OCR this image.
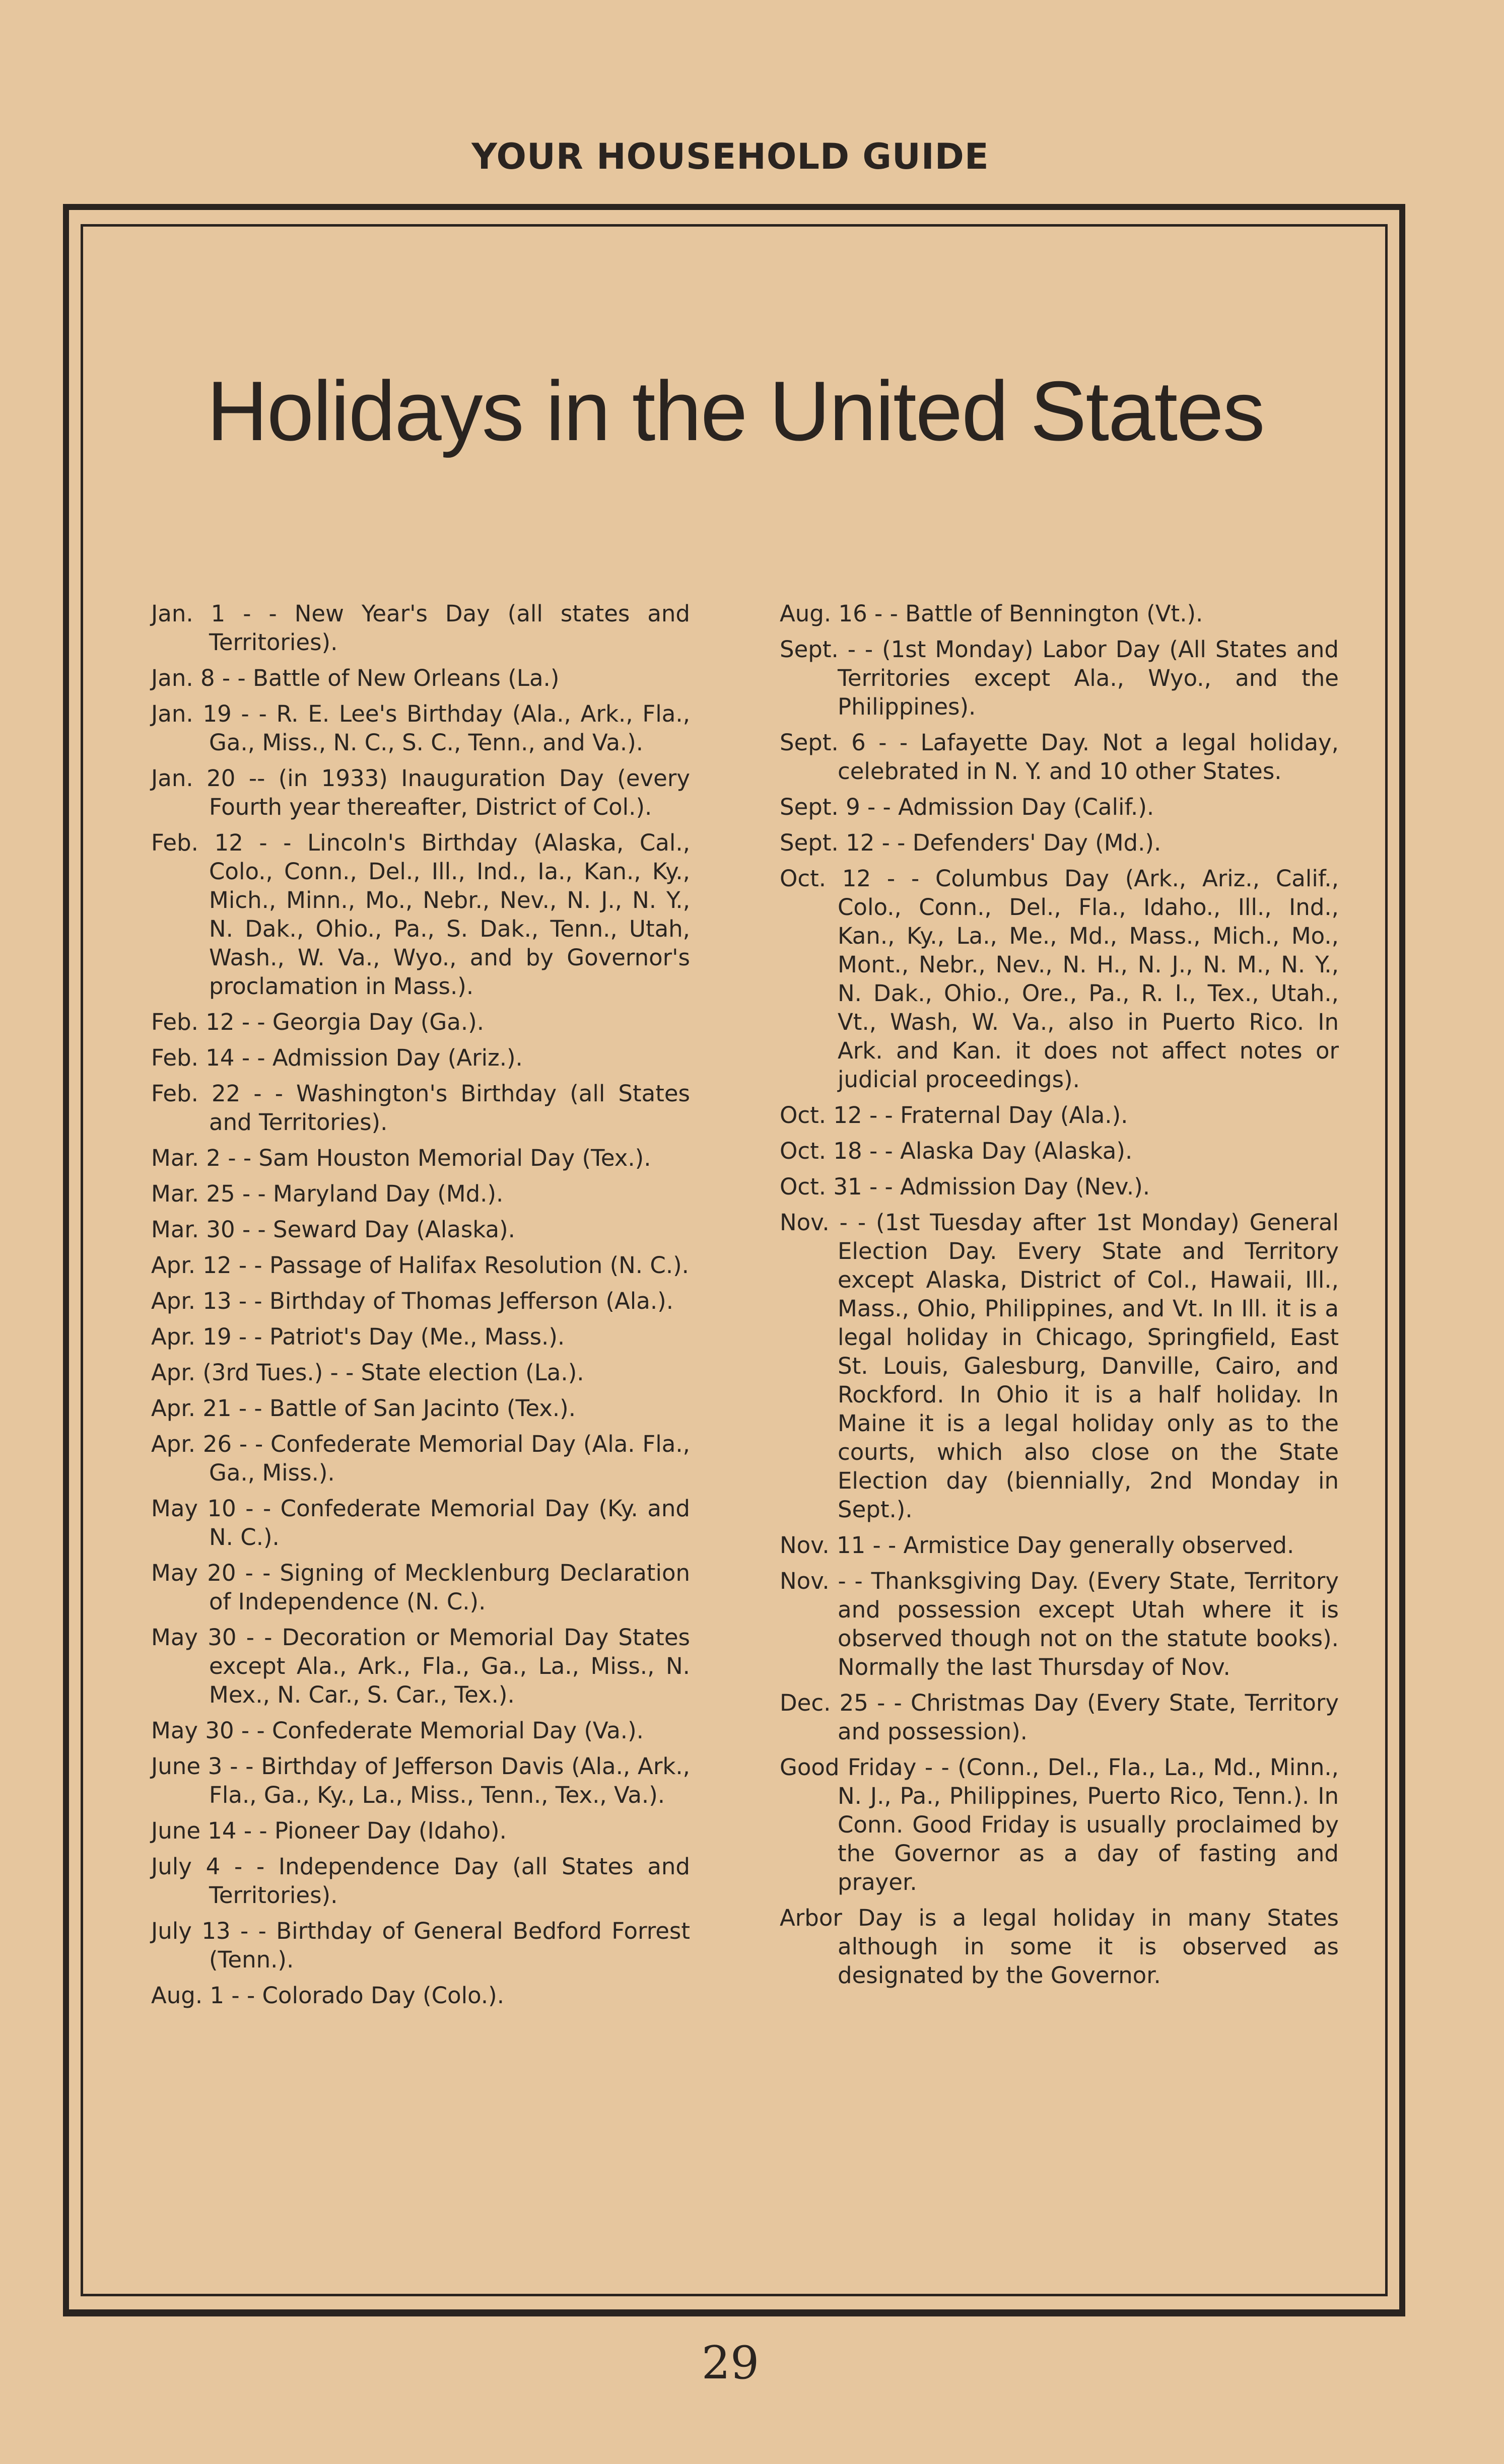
YOUR HOUSEHOLD GUIDE
Holidays in the United States
Jan. 1 - - New Year's Day (all states and Territories).
Jan. 8 - - Battle of New Orleans (La.)
Jan. 19 - - R. E. Lee's Birthday (Ala., Ark., Fla., Ga., Miss., N. C., S. C., Tenn., and Va.).
Jan. 20 -- (in 1933) Inauguration Day (every Fourth year thereafter, District of Col.).
Feb. 12 - - Lincoln's Birthday (Alaska, Cal., Colo., Conn., Del., Ill., Ind., Ia., Kan., Ky., Mich., Minn., Mo., Nebr., Nev., N. J., N. Y., N. Dak., Ohio., Pa., S. Dak., Tenn., Utah, Wash., W. Va., Wyo., and by Governor's proclamation in Mass.).
Feb. 12 - - Georgia Day (Ga.).
Feb. 14 - - Admission Day (Ariz.).
Feb. 22 - - Washington's Birthday (all States and Territories).
Mar. 2 - - Sam Houston Memorial Day (Tex.).
Mar. 25 - - Maryland Day (Md.).
Mar. 30 - - Seward Day (Alaska).
Apr. 12 - - Passage of Halifax Resolution (N. C.).
Apr. 13 - - Birthday of Thomas Jefferson (Ala.).
Apr. 19 - - Patriot's Day (Me., Mass.).
Apr. (3rd Tues.) - - State election (La.).
Apr. 21 - - Battle of San Jacinto (Tex.).
Apr. 26 - - Confederate Memorial Day (Ala. Fla., Ga., Miss.).
May 10 - - Confederate Memorial Day (Ky. and N. C.).
May 20 - - Signing of Mecklenburg Declaration of Independence (N. C.).
May 30 - - Decoration or Memorial Day States except Ala., Ark., Fla., Ga., La., Miss., N. Mex., N. Car., S. Car., Tex.).
May 30 - - Confederate Memorial Day (Va.).
June 3 - - Birthday of Jefferson Davis (Ala., Ark., Fla., Ga., Ky., La., Miss., Tenn., Tex., Va.).
June 14 - - Pioneer Day (Idaho).
July 4 - - Independence Day (all States and Territories).
July 13 - - Birthday of General Bedford Forrest (Tenn.).
Aug. 1 - - Colorado Day (Colo.).
Aug. 16 - - Battle of Bennington (Vt.).
Sept. - - (1st Monday) Labor Day (All States and Territories except Ala., Wyo., and the Philippines).
Sept. 6 - - Lafayette Day. Not a legal holiday, celebrated in N. Y. and 10 other States.
Sept. 9 - - Admission Day (Calif.).
Sept. 12 - - Defenders' Day (Md.).
Oct. 12 - - Columbus Day (Ark., Ariz., Calif., Colo., Conn., Del., Fla., Idaho., Ill., Ind., Kan., Ky., La., Me., Md., Mass., Mich., Mo., Mont., Nebr., Nev., N. H., N. J., N. M., N. Y., N. Dak., Ohio., Ore., Pa., R. I., Tex., Utah., Vt., Wash, W. Va., also in Puerto Rico. In Ark. and Kan. it does not affect notes or judicial proceedings).
Oct. 12 - - Fraternal Day (Ala.).
Oct. 18 - - Alaska Day (Alaska).
Oct. 31 - - Admission Day (Nev.).
Nov. - - (1st Tuesday after 1st Monday) General Election Day. Every State and Territory except Alaska, District of Col., Hawaii, Ill., Mass., Ohio, Philippines, and Vt. In Ill. it is a legal holiday in Chicago, Springfield, East St. Louis, Galesburg, Danville, Cairo, and Rockford. In Ohio it is a half holiday. In Maine it is a legal holiday only as to the courts, which also close on the State Election day (biennially, 2nd Monday in Sept.).
Nov. 11 - - Armistice Day generally observed.
Nov. - - Thanksgiving Day. (Every State, Territory and possession except Utah where it is observed though not on the statute books). Normally the last Thursday of Nov.
Dec. 25 - - Christmas Day (Every State, Territory and possession).
Good Friday - - (Conn., Del., Fla., La., Md., Minn., N. J., Pa., Philippines, Puerto Rico, Tenn.). In Conn. Good Friday is usually proclaimed by the Governor as a day of fasting and prayer.
Arbor Day is a legal holiday in many States although in some it is observed as designated by the Governor.
29
